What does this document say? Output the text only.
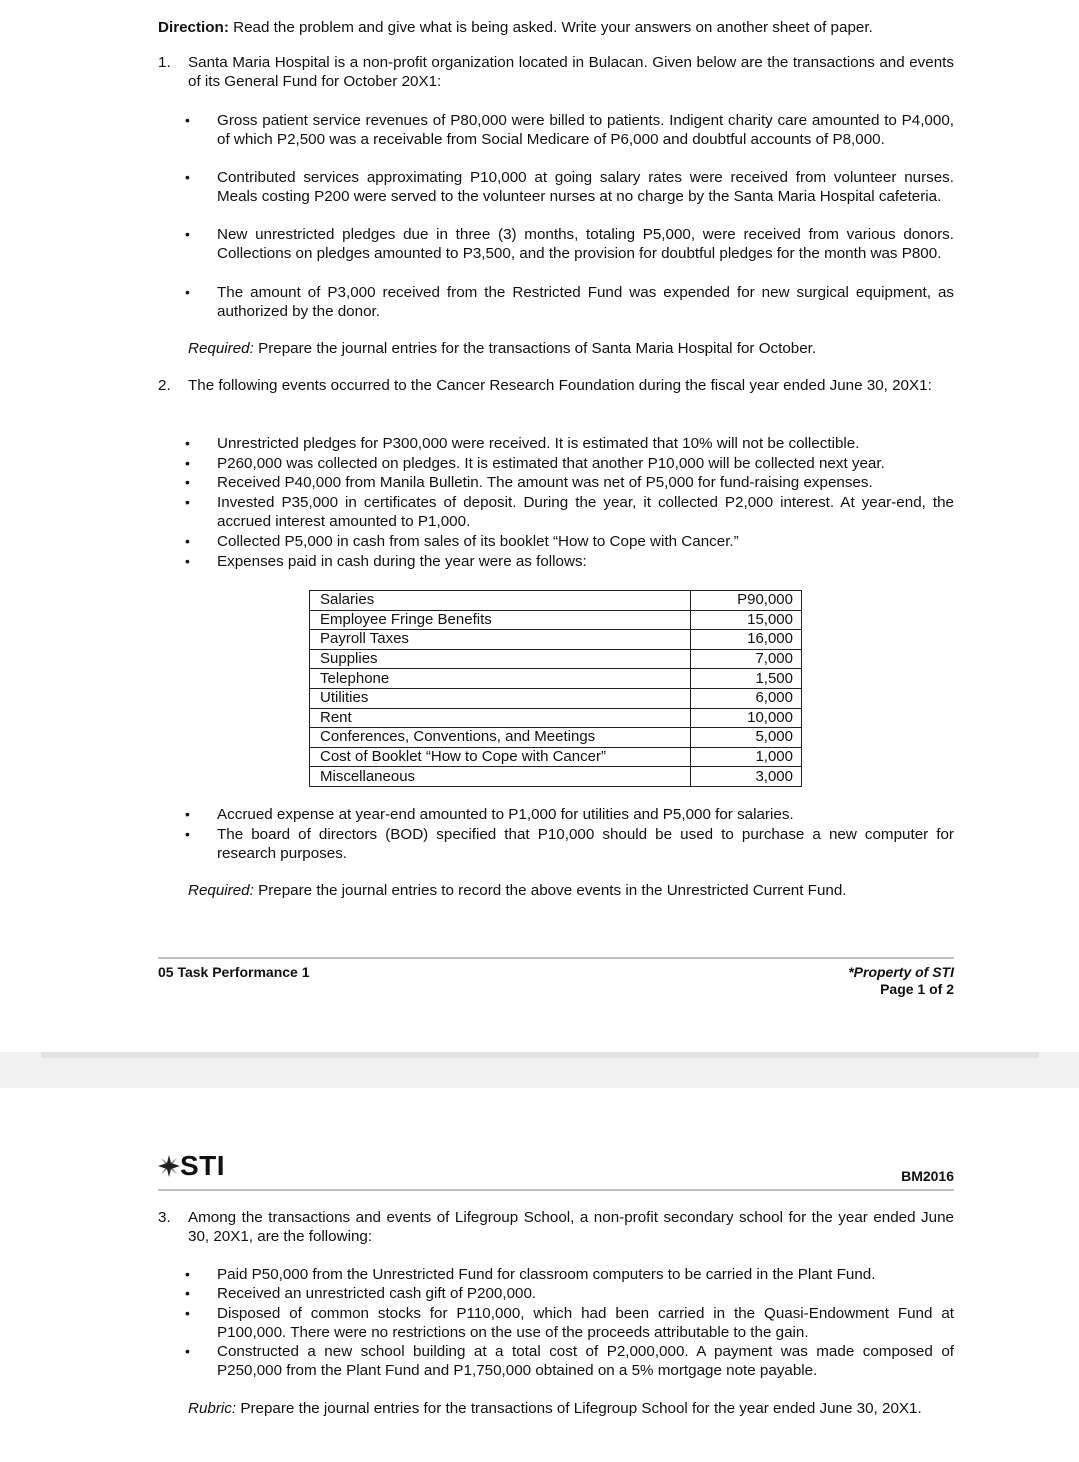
Direction: Read the problem and give what is being asked. Write your answers on another sheet of paper.

1. Santa Maria Hospital is a non-profit organization located in Bulacan. Given below are the transactions and events of its General Fund for October 20X1:

• Gross patient service revenues of P80,000 were billed to patients. Indigent charity care amounted to P4,000, of which P2,500 was a receivable from Social Medicare of P6,000 and doubtful accounts of P8,000.

• Contributed services approximating P10,000 at going salary rates were received from volunteer nurses. Meals costing P200 were served to the volunteer nurses at no charge by the Santa Maria Hospital cafeteria.

• New unrestricted pledges due in three (3) months, totaling P5,000, were received from various donors. Collections on pledges amounted to P3,500, and the provision for doubtful pledges for the month was P800.

• The amount of P3,000 received from the Restricted Fund was expended for new surgical equipment, as authorized by the donor.

Required: Prepare the journal entries for the transactions of Santa Maria Hospital for October.

2. The following events occurred to the Cancer Research Foundation during the fiscal year ended June 30, 20X1:

• Unrestricted pledges for P300,000 were received. It is estimated that 10% will not be collectible.

• P260,000 was collected on pledges. It is estimated that another P10,000 will be collected next year.

• Received P40,000 from Manila Bulletin. The amount was net of P5,000 for fund-raising expenses.

• Invested P35,000 in certificates of deposit. During the year, it collected P2,000 interest. At year-end, the accrued interest amounted to P1,000.

• Collected P5,000 in cash from sales of its booklet “How to Cope with Cancer.”

• Expenses paid in cash during the year were as follows:

Salaries	P90,000
Employee Fringe Benefits	15,000
Payroll Taxes	16,000
Supplies	7,000
Telephone	1,500
Utilities	6,000
Rent	10,000
Conferences, Conventions, and Meetings	5,000
Cost of Booklet “How to Cope with Cancer”	1,000
Miscellaneous	3,000
• Accrued expense at year-end amounted to P1,000 for utilities and P5,000 for salaries.

• The board of directors (BOD) specified that P10,000 should be used to purchase a new computer for research purposes.

Required: Prepare the journal entries to record the above events in the Unrestricted Current Fund.

05 Task Performance 1	*Property of STI
Page 1 of 2
STI	BM2016
3. Among the transactions and events of Lifegroup School, a non-profit secondary school for the year ended June 30, 20X1, are the following:

• Paid P50,000 from the Unrestricted Fund for classroom computers to be carried in the Plant Fund.

• Received an unrestricted cash gift of P200,000.

• Disposed of common stocks for P110,000, which had been carried in the Quasi-Endowment Fund at P100,000. There were no restrictions on the use of the proceeds attributable to the gain.

• Constructed a new school building at a total cost of P2,000,000. A payment was made composed of P250,000 from the Plant Fund and P1,750,000 obtained on a 5% mortgage note payable.

Rubric: Prepare the journal entries for the transactions of Lifegroup School for the year ended June 30, 20X1.
